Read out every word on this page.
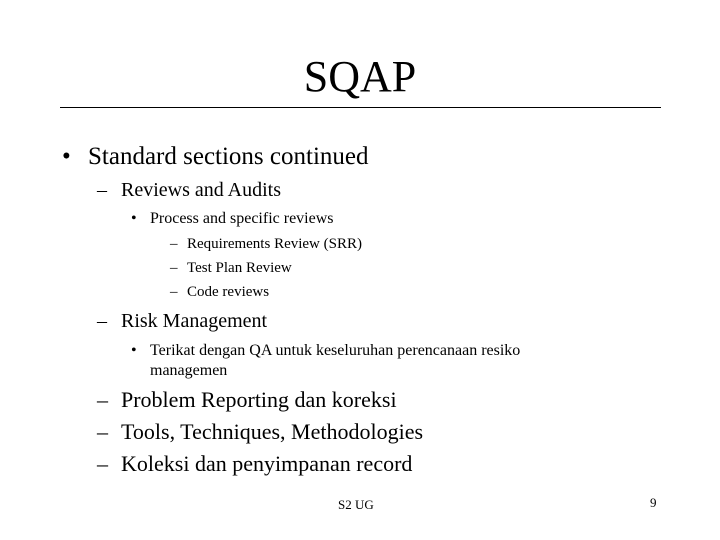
SQAP
• Standard sections continued
– Reviews and Audits
• Process and specific reviews
– Requirements Review (SRR)
– Test Plan Review
– Code reviews
– Risk Management
• Terikat dengan QA untuk keseluruhan perencanaan resiko
managemen
– Problem Reporting dan koreksi
– Tools, Techniques, Methodologies
– Koleksi dan penyimpanan record
S2 UG	9
